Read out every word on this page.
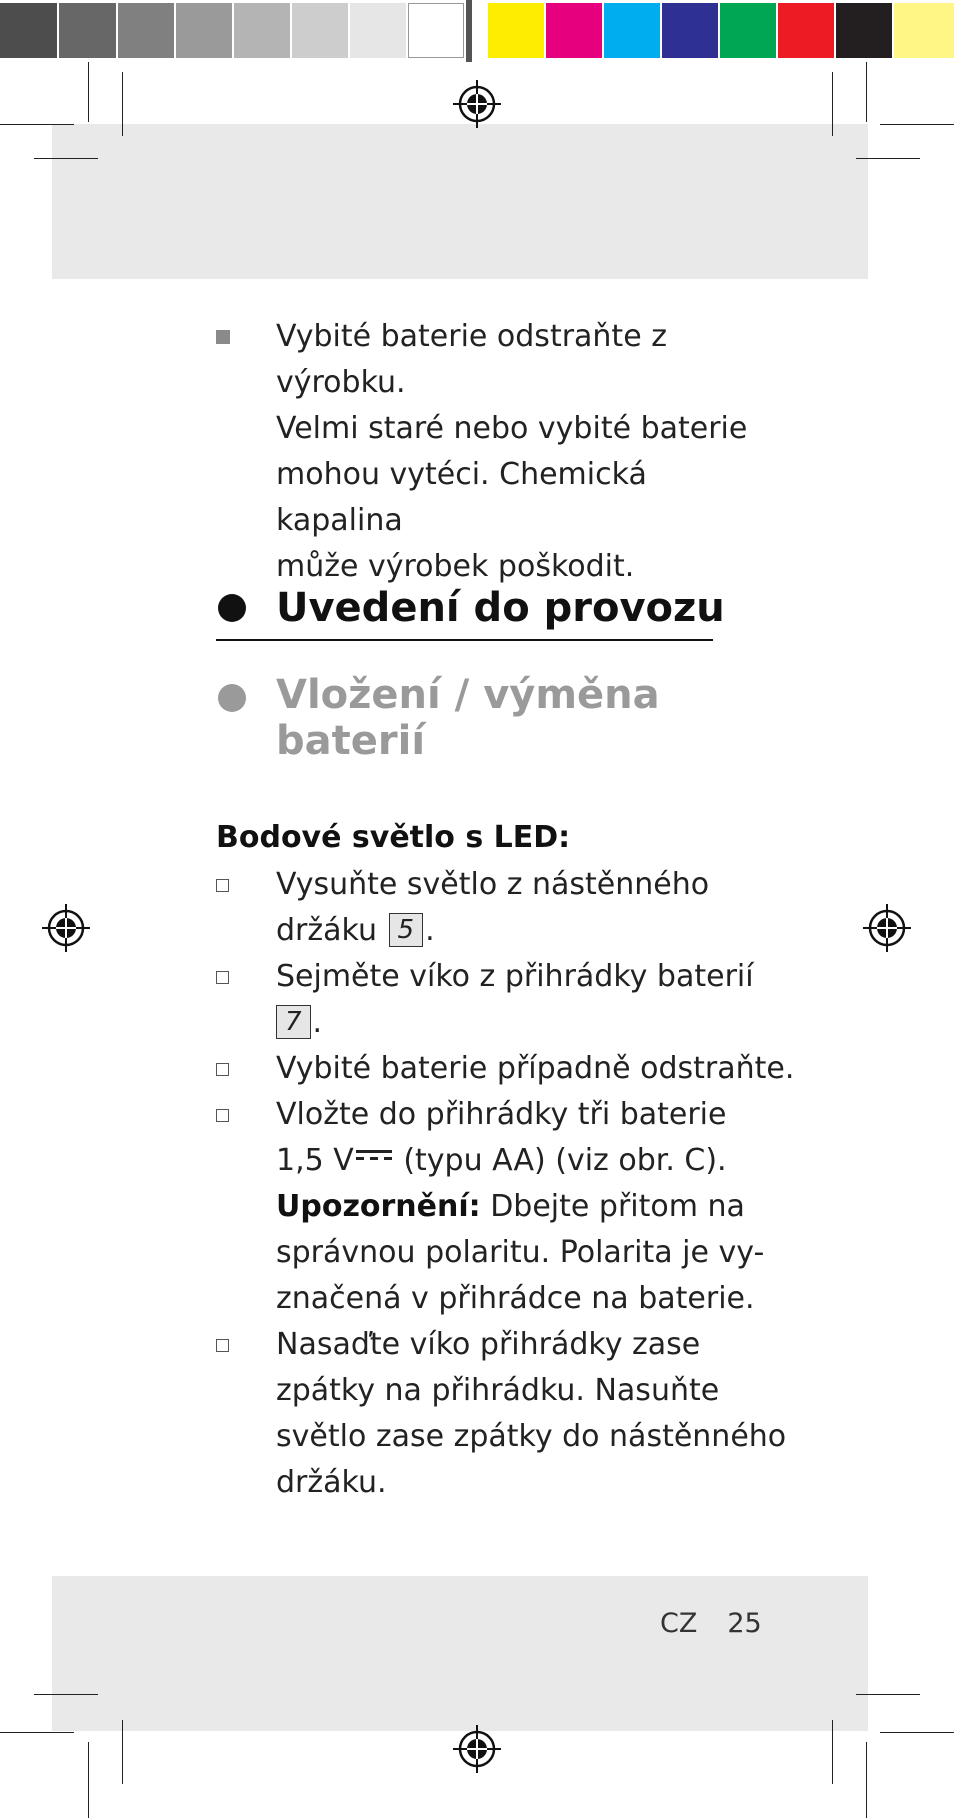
Vybité baterie odstraňte z výrobku.
Velmi staré nebo vybité baterie
mohou vytéci. Chemická kapalina
může výrobek poškodit.
Uvedení do provozu
Vložení / výměna
baterií
Bodové světlo s LED:
Vysuňte světlo z nástěnného
držáku 5 .
Sejměte víko z přihrádky baterií
7 .
Vybité baterie případně odstraňte.
Vložte do přihrádky tři baterie
1,5 V (typu AA) (viz obr. C).
Upozornění: Dbejte přitom na
správnou polaritu. Polarita je vy-
značená v přihrádce na baterie.
Nasaďte víko přihrádky zase
zpátky na přihrádku. Nasuňte
světlo zase zpátky do nástěnného
držáku.
CZ 25
